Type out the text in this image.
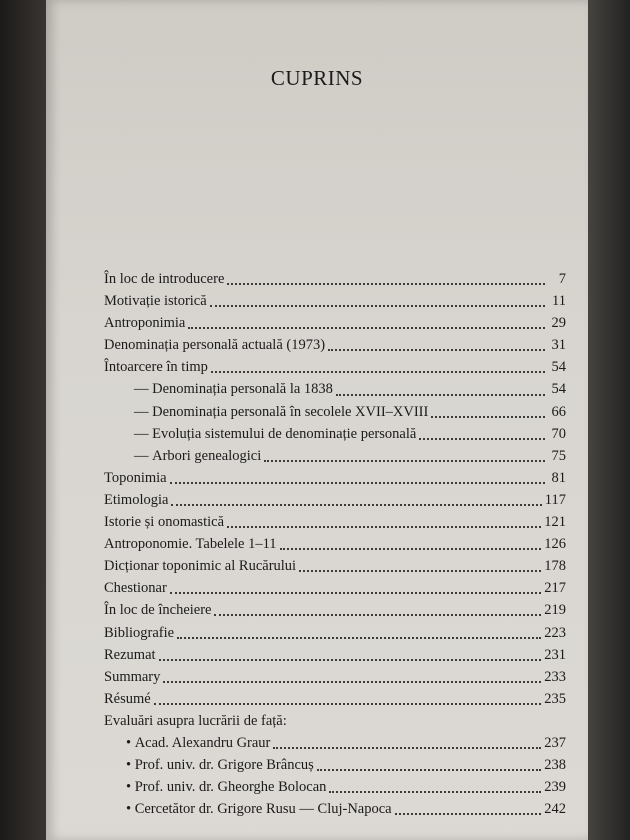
CUPRINS
În loc de introducere	7
Motivație istorică	11
Antroponimia	29
Denominația personală actuală (1973)	31
Întoarcere în timp	54
— Denominația personală la 1838	54
— Denominația personală în secolele XVII–XVIII	66
— Evoluția sistemului de denominație personală	70
— Arbori genealogici	75
Toponimia	81
Etimologia	117
Istorie și onomastică	121
Antroponomie. Tabelele 1–11	126
Dicționar toponimic al Rucărului	178
Chestionar	217
În loc de încheiere	219
Bibliografie	223
Rezumat	231
Summary	233
Résumé	235
Evaluări asupra lucrării de față:
• Acad. Alexandru Graur	237
• Prof. univ. dr. Grigore Brâncuș	238
• Prof. univ. dr. Gheorghe Bolocan	239
• Cercetător dr. Grigore Rusu — Cluj-Napoca	242
